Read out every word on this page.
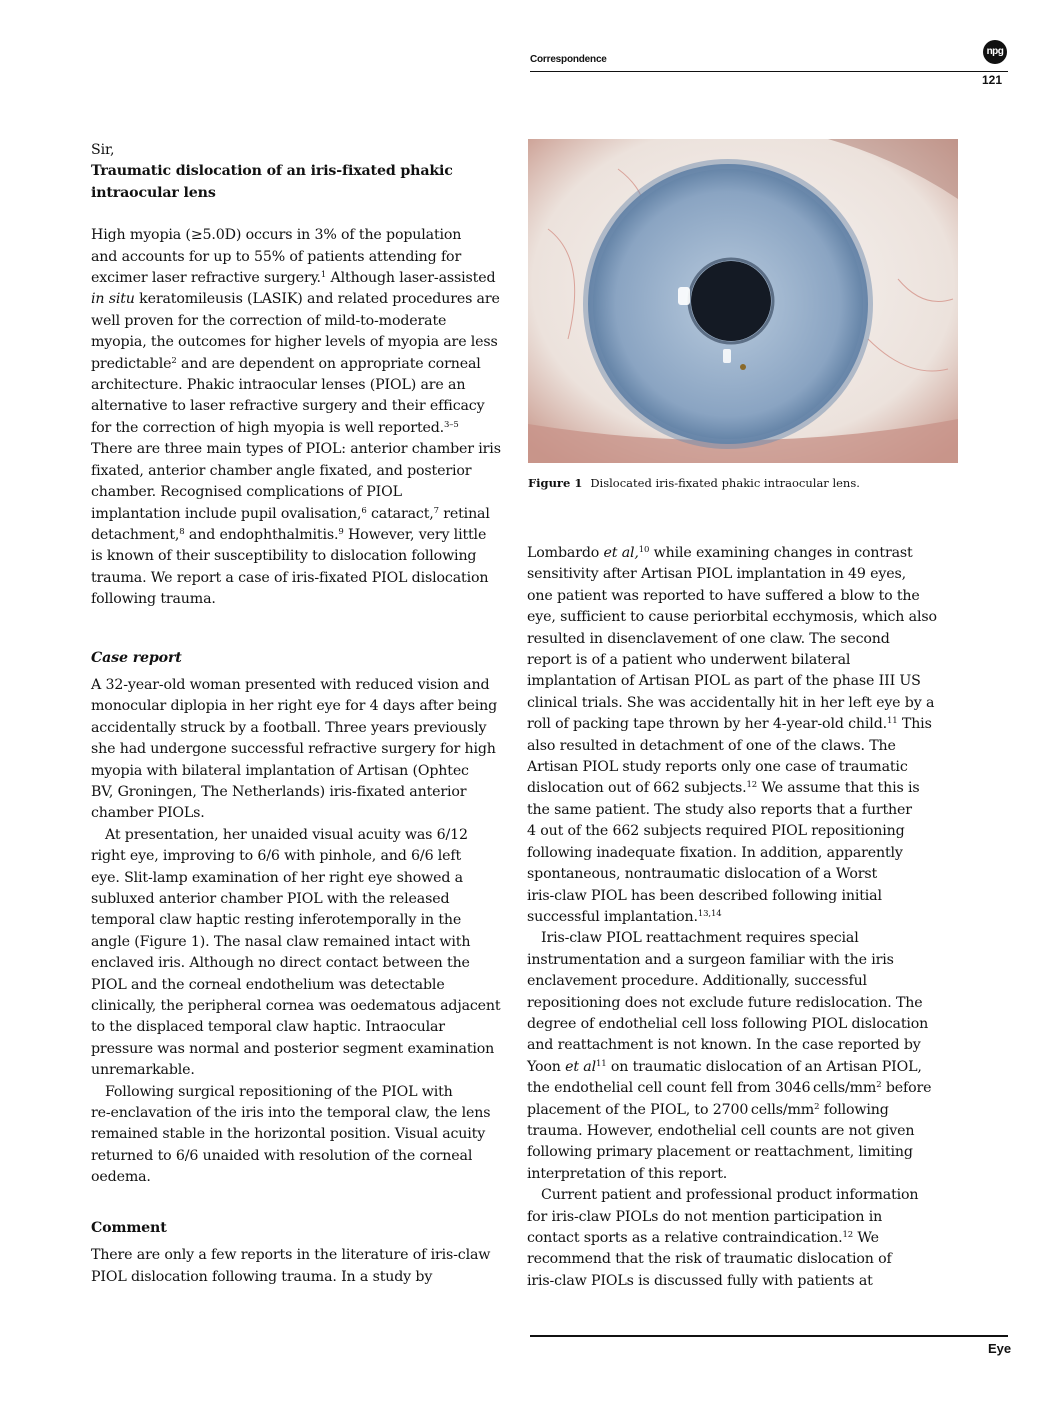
Correspondence
npg
121
Sir,
Traumatic dislocation of an iris-fixated phakic
intraocular lens
High myopia (≥5.0D) occurs in 3% of the population
and accounts for up to 55% of patients attending for
excimer laser refractive surgery.$^1$ Although laser-assisted
in situ keratomileusis (LASIK) and related procedures are
well proven for the correction of mild-to-moderate
myopia, the outcomes for higher levels of myopia are less
predictable$^2$ and are dependent on appropriate corneal
architecture. Phakic intraocular lenses (PIOL) are an
alternative to laser refractive surgery and their efficacy
for the correction of high myopia is well reported.$^{3-5}$
There are three main types of PIOL: anterior chamber iris
fixated, anterior chamber angle fixated, and posterior
chamber. Recognised complications of PIOL
implantation include pupil ovalisation,$^6$ cataract,$^7$ retinal
detachment,$^8$ and endophthalmitis.$^9$ However, very little
is known of their susceptibility to dislocation following
trauma. We report a case of iris-fixated PIOL dislocation
following trauma.
Case report
A 32-year-old woman presented with reduced vision and
monocular diplopia in her right eye for 4 days after being
accidentally struck by a football. Three years previously
she had undergone successful refractive surgery for high
myopia with bilateral implantation of Artisan (Ophtec
BV, Groningen, The Netherlands) iris-fixated anterior
chamber PIOLs.
At presentation, her unaided visual acuity was 6/12
right eye, improving to 6/6 with pinhole, and 6/6 left
eye. Slit-lamp examination of her right eye showed a
subluxed anterior chamber PIOL with the released
temporal claw haptic resting inferotemporally in the
angle (Figure 1). The nasal claw remained intact with
enclaved iris. Although no direct contact between the
PIOL and the corneal endothelium was detectable
clinically, the peripheral cornea was oedematous adjacent
to the displaced temporal claw haptic. Intraocular
pressure was normal and posterior segment examination
unremarkable.
Following surgical repositioning of the PIOL with
re-enclavation of the iris into the temporal claw, the lens
remained stable in the horizontal position. Visual acuity
returned to 6/6 unaided with resolution of the corneal
oedema.
Comment
There are only a few reports in the literature of iris-claw
PIOL dislocation following trauma. In a study by
Figure 1 Dislocated iris-fixated phakic intraocular lens.
Lombardo et al,$^{10}$ while examining changes in contrast
sensitivity after Artisan PIOL implantation in 49 eyes,
one patient was reported to have suffered a blow to the
eye, sufficient to cause periorbital ecchymosis, which also
resulted in disenclavement of one claw. The second
report is of a patient who underwent bilateral
implantation of Artisan PIOL as part of the phase III US
clinical trials. She was accidentally hit in her left eye by a
roll of packing tape thrown by her 4-year-old child.$^{11}$ This
also resulted in detachment of one of the claws. The
Artisan PIOL study reports only one case of traumatic
dislocation out of 662 subjects.$^{12}$ We assume that this is
the same patient. The study also reports that a further
4 out of the 662 subjects required PIOL repositioning
following inadequate fixation. In addition, apparently
spontaneous, nontraumatic dislocation of a Worst
iris-claw PIOL has been described following initial
successful implantation.$^{13,14}$
Iris-claw PIOL reattachment requires special
instrumentation and a surgeon familiar with the iris
enclavement procedure. Additionally, successful
repositioning does not exclude future redislocation. The
degree of endothelial cell loss following PIOL dislocation
and reattachment is not known. In the case reported by
Yoon et $al^{11}$ on traumatic dislocation of an Artisan PIOL,
the endothelial cell count fell from 3046 cells/$mm^2$ before
placement of the PIOL, to 2700 cells/$mm^2$ following
trauma. However, endothelial cell counts are not given
following primary placement or reattachment, limiting
interpretation of this report.
Current patient and professional product information
for iris-claw PIOLs do not mention participation in
contact sports as a relative contraindication.$^{12}$ We
recommend that the risk of traumatic dislocation of
iris-claw PIOLs is discussed fully with patients at
Eye
